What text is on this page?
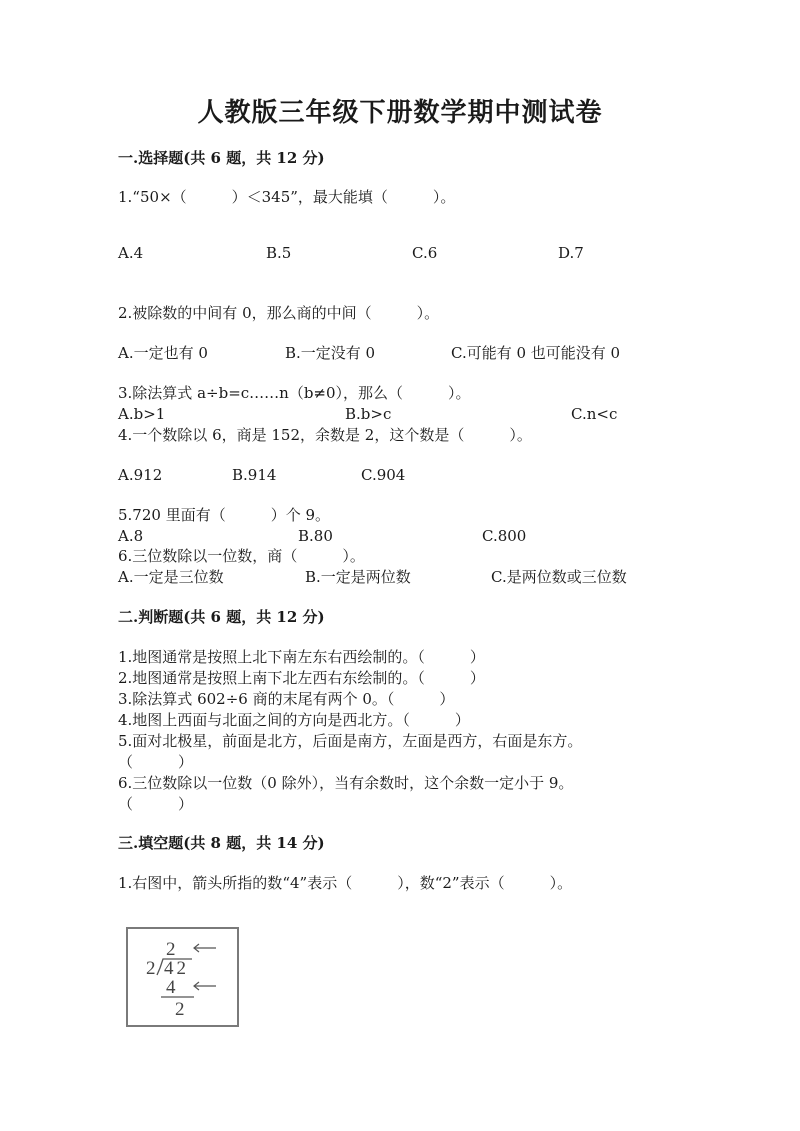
人教版三年级下册数学期中测试卷
一.选择题(共 6 题，共 12 分)
1.“50×（　　　）＜345”，最大能填（　　　）。
A.4	B.5	C.6	D.7
2.被除数的中间有 0，那么商的中间（　　　）。
A.一定也有 0	B.一定没有 0	C.可能有 0 也可能没有 0
3.除法算式 a÷b=c……n（b≠0），那么（　　　）。
A.b>1	B.b>c	C.n<c
4.一个数除以 6，商是 152，余数是 2，这个数是（　　　）。
A.912	B.914	C.904
5.720 里面有（　　　）个 9。
A.8	B.80	C.800
6.三位数除以一位数，商（　　　）。
A.一定是三位数	B.一定是两位数	C.是两位数或三位数
二.判断题(共 6 题，共 12 分)
1.地图通常是按照上北下南左东右西绘制的。（　　　）
2.地图通常是按照上南下北左西右东绘制的。（　　　）
3.除法算式 602÷6 商的末尾有两个 0。（　　　）
4.地图上西面与北面之间的方向是西北方。（　　　）
5.面对北极星，前面是北方，后面是南方，左面是西方，右面是东方。
（　　　）
6.三位数除以一位数（0 除外），当有余数时，这个余数一定小于 9。
（　　　）
三.填空题(共 8 题，共 14 分)
1.右图中，箭头所指的数“4”表示（　　　），数“2”表示（　　　）。
2
2 42
4
2
